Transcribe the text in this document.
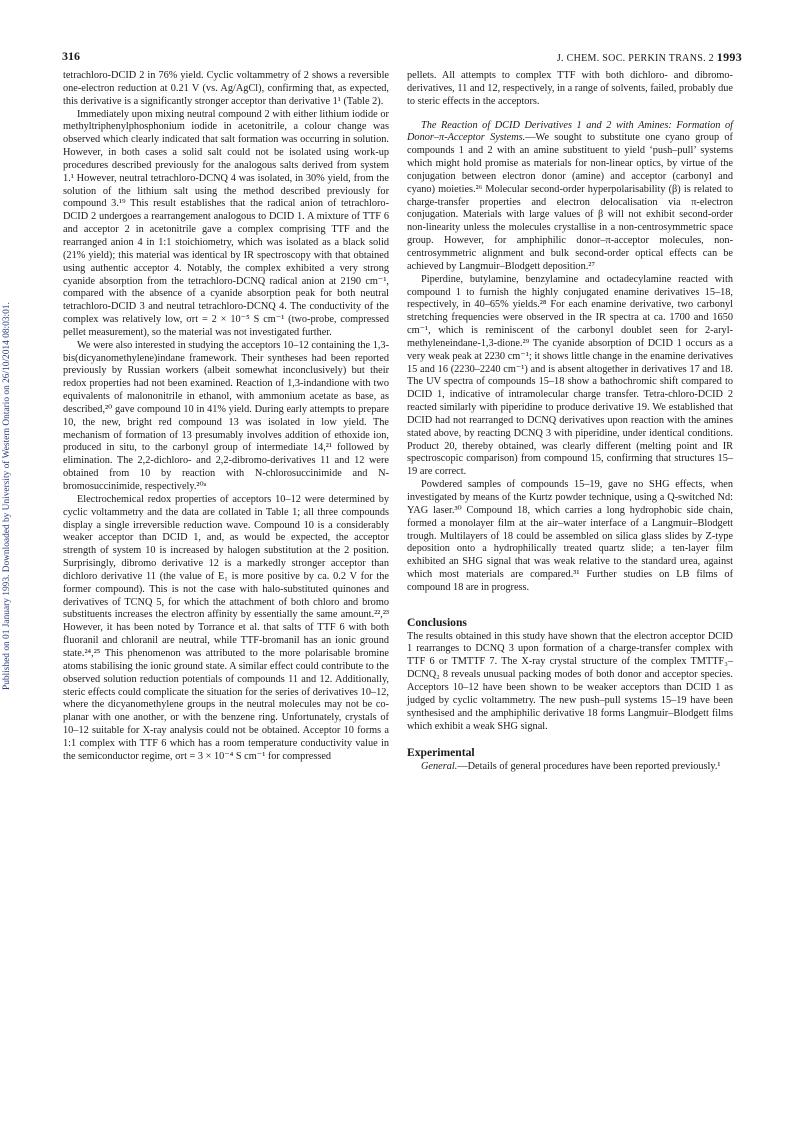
316	J. CHEM. SOC. PERKIN TRANS. 2 1993
Published on 01 January 1993. Downloaded by University of Western Ontario on 26/10/2014 08:03:01.

tetrachloro-DCID 2 in 76% yield. Cyclic voltammetry of 2 shows a reversible one-electron reduction at 0.21 V (vs. Ag/AgCl), confirming that, as expected, this derivative is a significantly stronger acceptor than derivative 1¹ (Table 2).

Immediately upon mixing neutral compound 2 with either lithium iodide or methyltriphenylphosphonium iodide in acetonitrile, a colour change was observed which clearly indicated that salt formation was occurring in solution. However, in both cases a solid salt could not be isolated using work-up procedures described previously for the analogous salts derived from system 1.¹ However, neutral tetrachloro-DCNQ 4 was isolated, in 30% yield, from the solution of the lithium salt using the method described previously for compound 3.¹⁹ This result establishes that the radical anion of tetrachloro-DCID 2 undergoes a rearrangement analogous to DCID 1. A mixture of TTF 6 and acceptor 2 in acetonitrile gave a complex comprising TTF and the rearranged anion 4 in 1:1 stoichiometry, which was isolated as a black solid (21% yield); this material was identical by IR spectroscopy with that obtained using authentic acceptor 4. Notably, the complex exhibited a very strong cyanide absorption from the tetrachloro-DCNQ radical anion at 2190 cm⁻¹, compared with the absence of a cyanide absorption peak for both neutral tetrachloro-DCID 3 and neutral tetrachloro-DCNQ 4. The conductivity of the complex was relatively low, σrt = 2 × 10⁻⁵ S cm⁻¹ (two-probe, compressed pellet measurement), so the material was not investigated further.

We were also interested in studying the acceptors 10–12 containing the 1,3-bis(dicyanomethylene)indane framework. Their syntheses had been reported previously by Russian workers (albeit somewhat inconclusively) but their redox properties had not been examined. Reaction of 1,3-indandione with two equivalents of malononitrile in ethanol, with ammonium acetate as base, as described,²⁰ gave compound 10 in 41% yield. During early attempts to prepare 10, the new, bright red compound 13 was isolated in low yield. The mechanism of formation of 13 presumably involves addition of ethoxide ion, produced in situ, to the carbonyl group of intermediate 14,²¹ followed by elimination. The 2,2-dichloro- and 2,2-dibromo-derivatives 11 and 12 were obtained from 10 by reaction with N-chlorosuccinimide and N-bromosuccinimide, respectively.²⁰ᵃ

Electrochemical redox properties of acceptors 10–12 were determined by cyclic voltammetry and the data are collated in Table 1; all three compounds display a single irreversible reduction wave. Compound 10 is a considerably weaker acceptor than DCID 1, and, as would be expected, the acceptor strength of system 10 is increased by halogen substitution at the 2 position. Surprisingly, dibromo derivative 12 is a markedly stronger acceptor than dichloro derivative 11 (the value of E₁ is more positive by ca. 0.2 V for the former compound). This is not the case with halo-substituted quinones and derivatives of TCNQ 5, for which the attachment of both chloro and bromo substituents increases the electron affinity by essentially the same amount.²²,²³ However, it has been noted by Torrance et al. that salts of TTF 6 with both fluoranil and chloranil are neutral, while TTF-bromanil has an ionic ground state.²⁴,²⁵ This phenomenon was attributed to the more polarisable bromine atoms stabilising the ionic ground state. A similar effect could contribute to the observed solution reduction potentials of compounds 11 and 12. Additionally, steric effects could complicate the situation for the series of derivatives 10–12, where the dicyanomethylene groups in the neutral molecules may not be co-planar with one another, or with the benzene ring. Unfortunately, crystals of 10–12 suitable for X-ray analysis could not be obtained. Acceptor 10 forms a 1:1 complex with TTF 6 which has a room temperature conductivity value in the semiconductor regime, σrt = 3 × 10⁻⁴ S cm⁻¹ for compressed

pellets. All attempts to complex TTF with both dichloro- and dibromo-derivatives, 11 and 12, respectively, in a range of solvents, failed, probably due to steric effects in the acceptors.

The Reaction of DCID Derivatives 1 and 2 with Amines: Formation of Donor–π-Acceptor Systems.—We sought to substitute one cyano group of compounds 1 and 2 with an amine substituent to yield ‘push–pull’ systems which might hold promise as materials for non-linear optics, by virtue of the conjugation between electron donor (amine) and acceptor (carbonyl and cyano) moieties.²⁶ Molecular second-order hyperpolarisability (β) is related to charge-transfer properties and electron delocalisation via π-electron conjugation. Materials with large values of β will not exhibit second-order non-linearity unless the molecules crystallise in a non-centrosymmetric space group. However, for amphiphilic donor–π-acceptor molecules, non-centrosymmetric alignment and bulk second-order optical effects can be achieved by Langmuir–Blodgett deposition.²⁷

Piperdine, butylamine, benzylamine and octadecylamine reacted with compound 1 to furnish the highly conjugated enamine derivatives 15–18, respectively, in 40–65% yields.²⁸ For each enamine derivative, two carbonyl stretching frequencies were observed in the IR spectra at ca. 1700 and 1650 cm⁻¹, which is reminiscent of the carbonyl doublet seen for 2-aryl-methyleneindane-1,3-dione.²⁹ The cyanide absorption of DCID 1 occurs as a very weak peak at 2230 cm⁻¹; it shows little change in the enamine derivatives 15 and 16 (2230–2240 cm⁻¹) and is absent altogether in derivatives 17 and 18. The UV spectra of compounds 15–18 show a bathochromic shift compared to DCID 1, indicative of intramolecular charge transfer. Tetra-chloro-DCID 2 reacted similarly with piperidine to produce derivative 19. We established that DCID had not rearranged to DCNQ derivatives upon reaction with the amines stated above, by reacting DCNQ 3 with piperidine, under identical conditions. Product 20, thereby obtained, was clearly different (melting point and IR spectroscopic comparison) from compound 15, confirming that structures 15–19 are correct.

Powdered samples of compounds 15–19, gave no SHG effects, when investigated by means of the Kurtz powder technique, using a Q-switched Nd: YAG laser.³⁰ Compound 18, which carries a long hydrophobic side chain, formed a monolayer film at the air–water interface of a Langmuir–Blodgett trough. Multilayers of 18 could be assembled on silica glass slides by Z-type deposition onto a hydrophilically treated quartz slide; a ten-layer film exhibited an SHG signal that was weak relative to the standard urea, against which most materials are compared.³¹ Further studies on LB films of compound 18 are in progress.

Conclusions

The results obtained in this study have shown that the electron acceptor DCID 1 rearranges to DCNQ 3 upon formation of a charge-transfer complex with TTF 6 or TMTTF 7. The X-ray crystal structure of the complex TMTTF₃–DCNQ₂ 8 reveals unusual packing modes of both donor and acceptor species. Acceptors 10–12 have been shown to be weaker acceptors than DCID 1 as judged by cyclic voltammetry. The new push–pull systems 15–19 have been synthesised and the amphiphilic derivative 18 forms Langmuir–Blodgett films which exhibit a weak SHG signal.

Experimental

General.—Details of general procedures have been reported previously.¹
